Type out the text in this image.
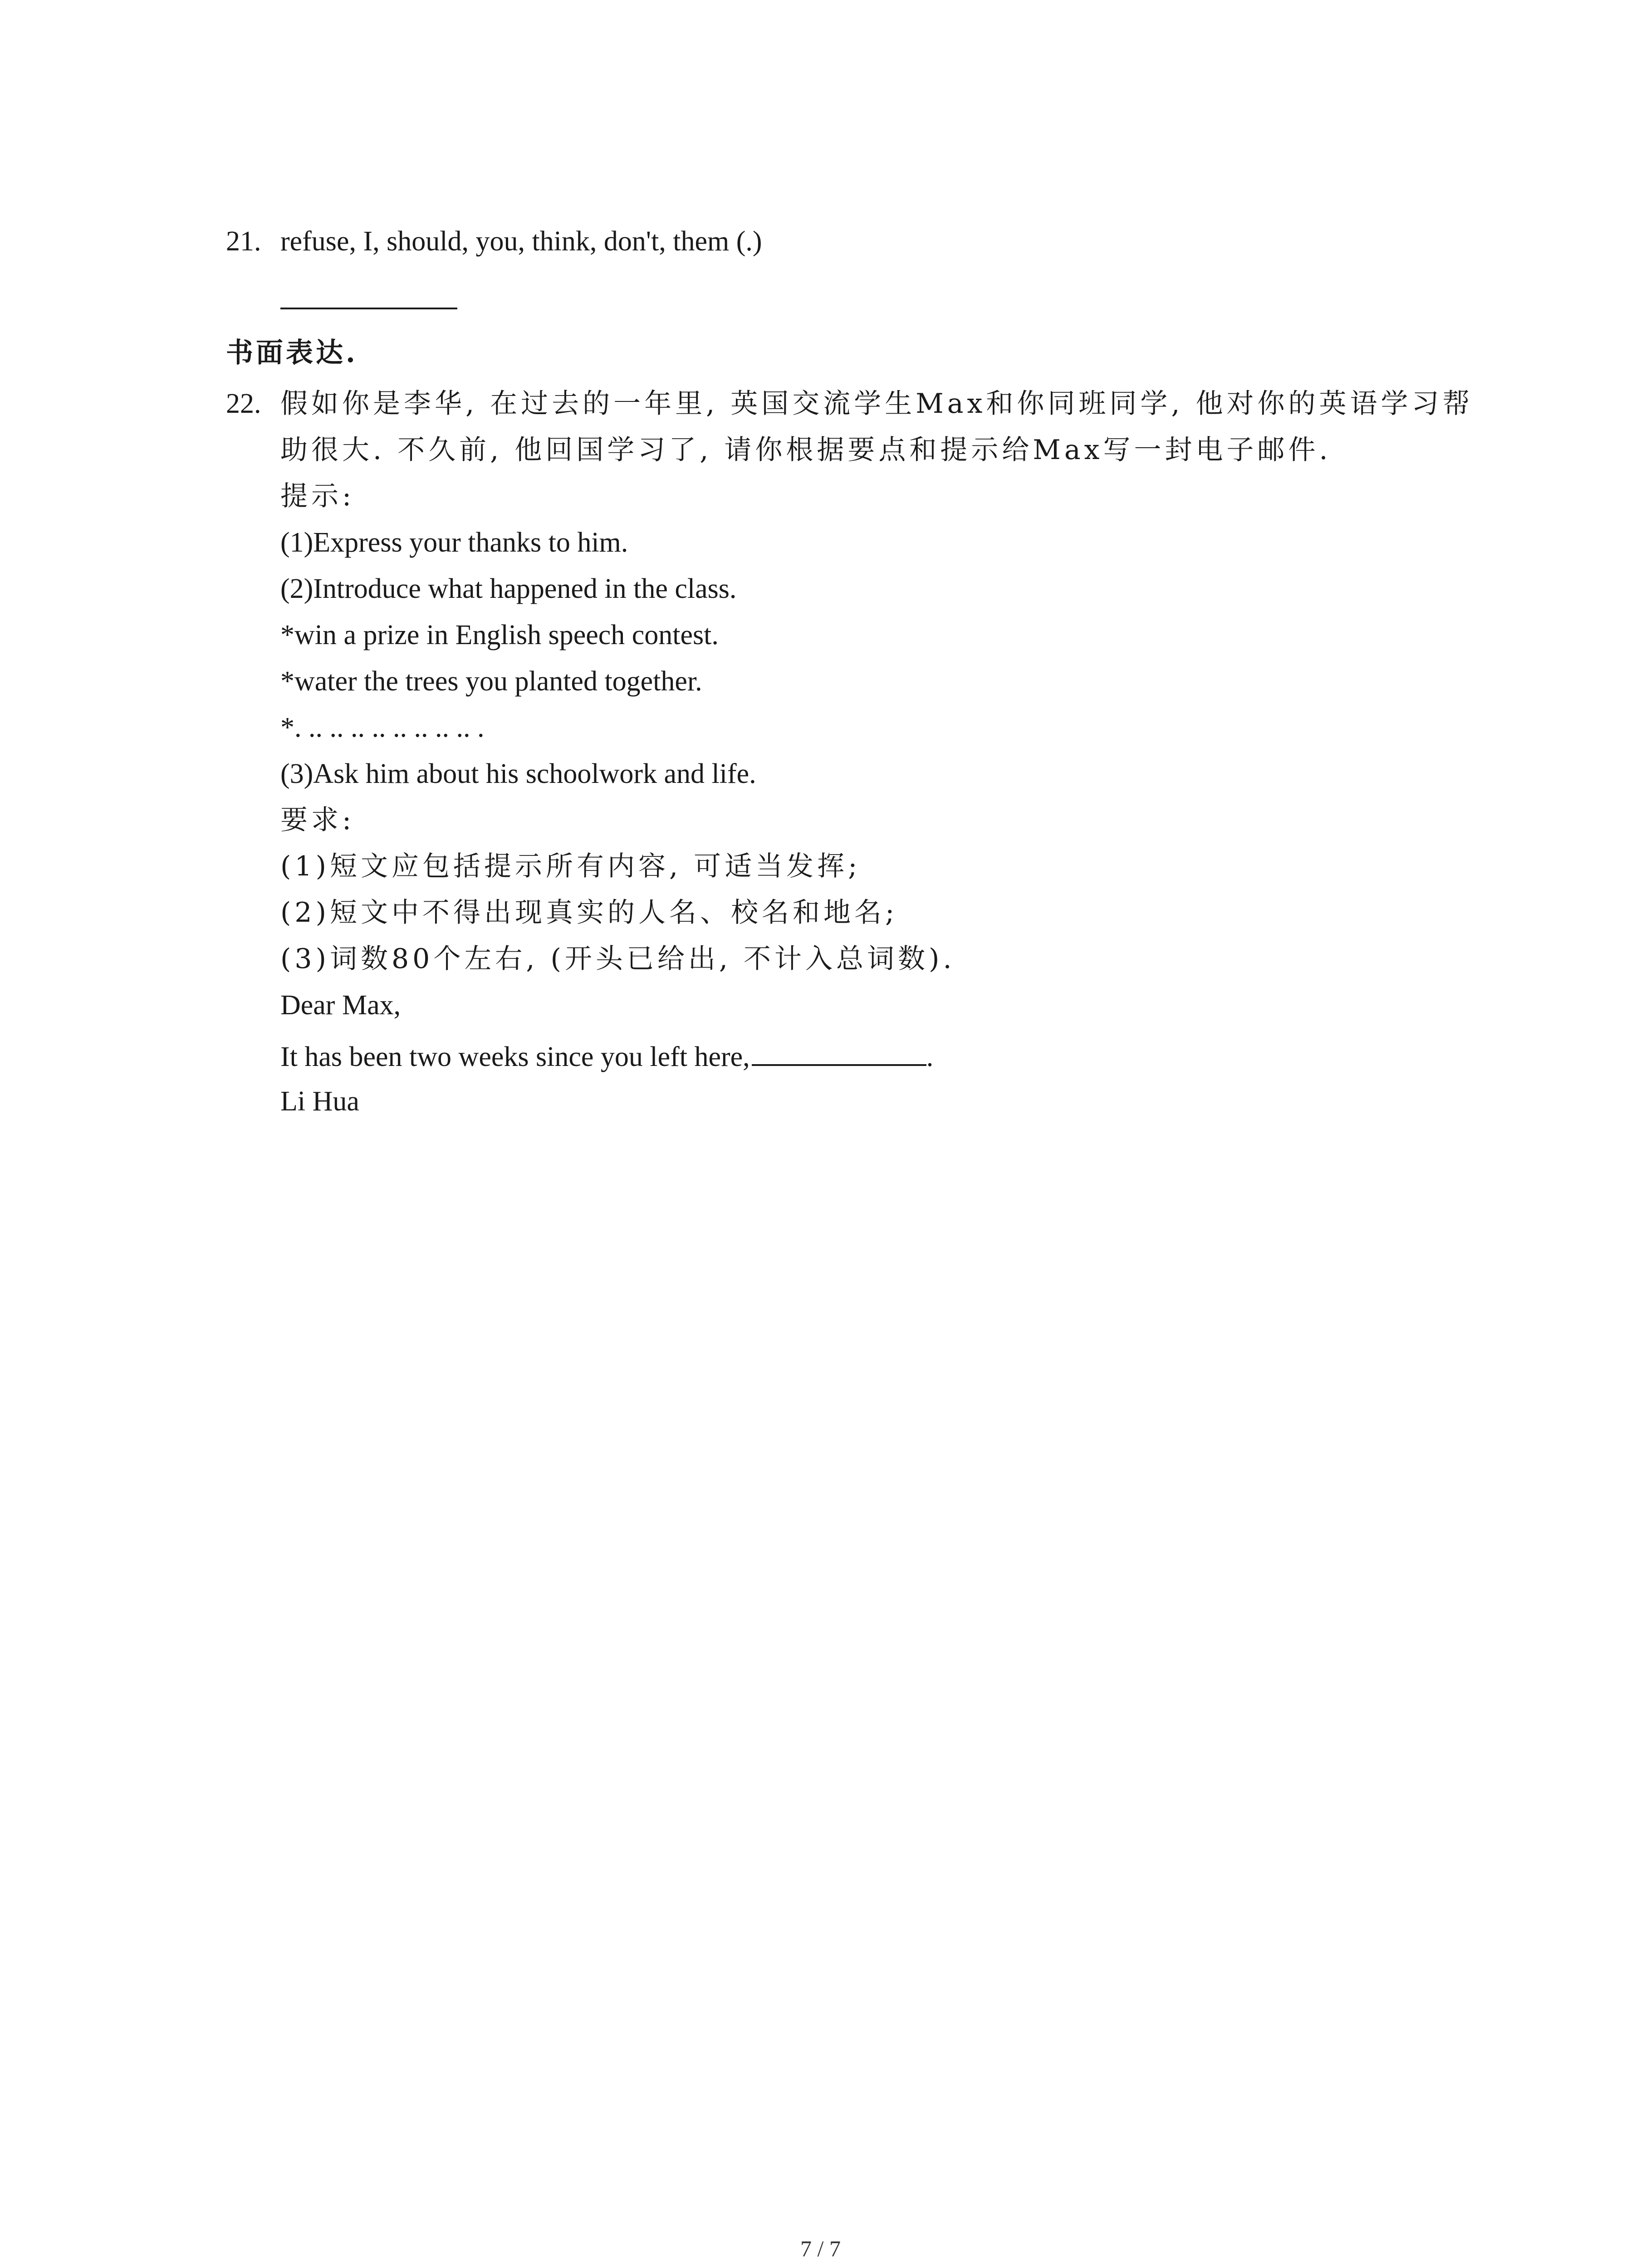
21. refuse, I, should, you, think, don't, them (.)
书面表达.
22. 假如你是李华, 在过去的一年里, 英国交流学生Max和你同班同学, 他对你的英语学习帮
助很大. 不久前, 他回国学习了, 请你根据要点和提示给Max写一封电子邮件.
提示:
(1)Express your thanks to him.
(2)Introduce what happened in the class.
*win a prize in English speech contest.
*water the trees you planted together.
*. .. .. .. .. .. .. .. .. .
(3)Ask him about his schoolwork and life.
要求:
(1)短文应包括提示所有内容, 可适当发挥;
(2)短文中不得出现真实的人名、校名和地名;
(3)词数80个左右, (开头已给出, 不计入总词数).
Dear Max,
It has been two weeks since you left here,	.
Li Hua
7 / 7
